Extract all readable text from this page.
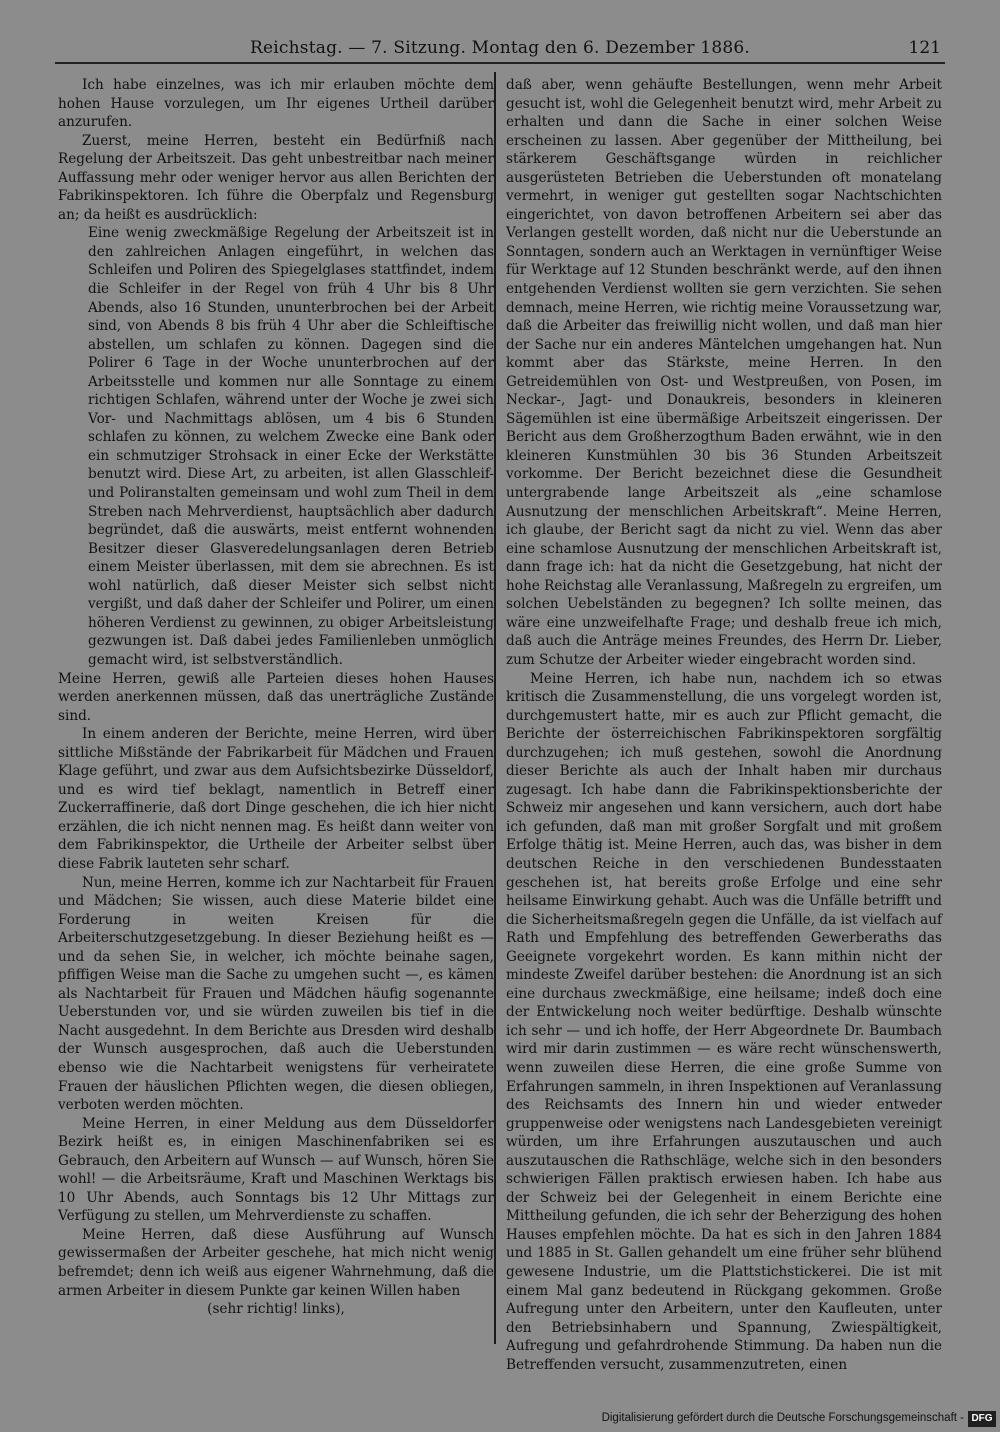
Reichstag. — 7. Sitzung. Montag den 6. Dezember 1886.	121

Ich habe einzelnes, was ich mir erlauben möchte dem hohen Hause vorzulegen, um Ihr eigenes Urtheil darüber anzurufen.

Zuerst, meine Herren, besteht ein Bedürfniß nach Regelung der Arbeitszeit. Das geht unbestreitbar nach meiner Auffassung mehr oder weniger hervor aus allen Berichten der Fabrikinspektoren. Ich führe die Oberpfalz und Regensburg an; da heißt es ausdrücklich:

Eine wenig zweckmäßige Regelung der Arbeitszeit ist in den zahlreichen Anlagen eingeführt, in welchen das Schleifen und Poliren des Spiegelglases stattfindet, indem die Schleifer in der Regel von früh 4 Uhr bis 8 Uhr Abends, also 16 Stunden, ununterbrochen bei der Arbeit sind, von Abends 8 bis früh 4 Uhr aber die Schleiftische abstellen, um schlafen zu können. Dagegen sind die Polirer 6 Tage in der Woche ununterbrochen auf der Arbeitsstelle und kommen nur alle Sonntage zu einem richtigen Schlafen, während unter der Woche je zwei sich Vor- und Nachmittags ablösen, um 4 bis 6 Stunden schlafen zu können, zu welchem Zwecke eine Bank oder ein schmutziger Strohsack in einer Ecke der Werkstätte benutzt wird. Diese Art, zu arbeiten, ist allen Glasschleif- und Poliranstalten gemeinsam und wohl zum Theil in dem Streben nach Mehrverdienst, hauptsächlich aber dadurch begründet, daß die auswärts, meist entfernt wohnenden Besitzer dieser Glasveredelungsanlagen deren Betrieb einem Meister überlassen, mit dem sie abrechnen. Es ist wohl natürlich, daß dieser Meister sich selbst nicht vergißt, und daß daher der Schleifer und Polirer, um einen höheren Verdienst zu gewinnen, zu obiger Arbeitsleistung gezwungen ist. Daß dabei jedes Familienleben unmöglich gemacht wird, ist selbstverständlich.

Meine Herren, gewiß alle Parteien dieses hohen Hauses werden anerkennen müssen, daß das unerträgliche Zustände sind.

In einem anderen der Berichte, meine Herren, wird über sittliche Mißstände der Fabrikarbeit für Mädchen und Frauen Klage geführt, und zwar aus dem Aufsichtsbezirke Düsseldorf, und es wird tief beklagt, namentlich in Betreff einer Zuckerraffinerie, daß dort Dinge geschehen, die ich hier nicht erzählen, die ich nicht nennen mag. Es heißt dann weiter von dem Fabrikinspektor, die Urtheile der Arbeiter selbst über diese Fabrik lauteten sehr scharf.

Nun, meine Herren, komme ich zur Nachtarbeit für Frauen und Mädchen; Sie wissen, auch diese Materie bildet eine Forderung in weiten Kreisen für die Arbeiterschutzgesetzgebung. In dieser Beziehung heißt es — und da sehen Sie, in welcher, ich möchte beinahe sagen, pfiffigen Weise man die Sache zu umgehen sucht —, es kämen als Nachtarbeit für Frauen und Mädchen häufig sogenannte Ueberstunden vor, und sie würden zuweilen bis tief in die Nacht ausgedehnt. In dem Berichte aus Dresden wird deshalb der Wunsch ausgesprochen, daß auch die Ueberstunden ebenso wie die Nachtarbeit wenigstens für verheiratete Frauen der häuslichen Pflichten wegen, die diesen obliegen, verboten werden möchten.

Meine Herren, in einer Meldung aus dem Düsseldorfer Bezirk heißt es, in einigen Maschinenfabriken sei es Gebrauch, den Arbeitern auf Wunsch — auf Wunsch, hören Sie wohl! — die Arbeitsräume, Kraft und Maschinen Werktags bis 10 Uhr Abends, auch Sonntags bis 12 Uhr Mittags zur Verfügung zu stellen, um Mehrverdienste zu schaffen.

Meine Herren, daß diese Ausführung auf Wunsch gewissermaßen der Arbeiter geschehe, hat mich nicht wenig befremdet; denn ich weiß aus eigener Wahrnehmung, daß die armen Arbeiter in diesem Punkte gar keinen Willen haben

(sehr richtig! links),

daß aber, wenn gehäufte Bestellungen, wenn mehr Arbeit gesucht ist, wohl die Gelegenheit benutzt wird, mehr Arbeit zu erhalten und dann die Sache in einer solchen Weise erscheinen zu lassen. Aber gegenüber der Mittheilung, bei stärkerem Geschäftsgange würden in reichlicher ausgerüsteten Betrieben die Ueberstunden oft monatelang vermehrt, in weniger gut gestellten sogar Nachtschichten eingerichtet, von davon betroffenen Arbeitern sei aber das Verlangen gestellt worden, daß nicht nur die Ueberstunde an Sonntagen, sondern auch an Werktagen in vernünftiger Weise für Werktage auf 12 Stunden beschränkt werde, auf den ihnen entgehenden Verdienst wollten sie gern verzichten. Sie sehen demnach, meine Herren, wie richtig meine Voraussetzung war, daß die Arbeiter das freiwillig nicht wollen, und daß man hier der Sache nur ein anderes Mäntelchen umgehangen hat. Nun kommt aber das Stärkste, meine Herren. In den Getreidemühlen von Ost- und Westpreußen, von Posen, im Neckar-, Jagt- und Donaukreis, besonders in kleineren Sägemühlen ist eine übermäßige Arbeitszeit eingerissen. Der Bericht aus dem Großherzogthum Baden erwähnt, wie in den kleineren Kunstmühlen 30 bis 36 Stunden Arbeitszeit vorkomme. Der Bericht bezeichnet diese die Gesundheit untergrabende lange Arbeitszeit als „eine schamlose Ausnutzung der menschlichen Arbeitskraft“. Meine Herren, ich glaube, der Bericht sagt da nicht zu viel. Wenn das aber eine schamlose Ausnutzung der menschlichen Arbeitskraft ist, dann frage ich: hat da nicht die Gesetzgebung, hat nicht der hohe Reichstag alle Veranlassung, Maßregeln zu ergreifen, um solchen Uebelständen zu begegnen? Ich sollte meinen, das wäre eine unzweifelhafte Frage; und deshalb freue ich mich, daß auch die Anträge meines Freundes, des Herrn Dr. Lieber, zum Schutze der Arbeiter wieder eingebracht worden sind.

Meine Herren, ich habe nun, nachdem ich so etwas kritisch die Zusammenstellung, die uns vorgelegt worden ist, durchgemustert hatte, mir es auch zur Pflicht gemacht, die Berichte der österreichischen Fabrikinspektoren sorgfältig durchzugehen; ich muß gestehen, sowohl die Anordnung dieser Berichte als auch der Inhalt haben mir durchaus zugesagt. Ich habe dann die Fabrikinspektionsberichte der Schweiz mir angesehen und kann versichern, auch dort habe ich gefunden, daß man mit großer Sorgfalt und mit großem Erfolge thätig ist. Meine Herren, auch das, was bisher in dem deutschen Reiche in den verschiedenen Bundesstaaten geschehen ist, hat bereits große Erfolge und eine sehr heilsame Einwirkung gehabt. Auch was die Unfälle betrifft und die Sicherheitsmaßregeln gegen die Unfälle, da ist vielfach auf Rath und Empfehlung des betreffenden Gewerberaths das Geeignete vorgekehrt worden. Es kann mithin nicht der mindeste Zweifel darüber bestehen: die Anordnung ist an sich eine durchaus zweckmäßige, eine heilsame; indeß doch eine der Entwickelung noch weiter bedürftige. Deshalb wünschte ich sehr — und ich hoffe, der Herr Abgeordnete Dr. Baumbach wird mir darin zustimmen — es wäre recht wünschenswerth, wenn zuweilen diese Herren, die eine große Summe von Erfahrungen sammeln, in ihren Inspektionen auf Veranlassung des Reichsamts des Innern hin und wieder entweder gruppenweise oder wenigstens nach Landesgebieten vereinigt würden, um ihre Erfahrungen auszutauschen und auch auszutauschen die Rathschläge, welche sich in den besonders schwierigen Fällen praktisch erwiesen haben. Ich habe aus der Schweiz bei der Gelegenheit in einem Berichte eine Mittheilung gefunden, die ich sehr der Beherzigung des hohen Hauses empfehlen möchte. Da hat es sich in den Jahren 1884 und 1885 in St. Gallen gehandelt um eine früher sehr blühend gewesene Industrie, um die Plattstichstickerei. Die ist mit einem Mal ganz bedeutend in Rückgang gekommen. Große Aufregung unter den Arbeitern, unter den Kaufleuten, unter den Betriebsinhabern und Spannung, Zwiespältigkeit, Aufregung und gefahrdrohende Stimmung. Da haben nun die Betreffenden versucht, zusammenzutreten, einen

Digitalisierung gefördert durch die Deutsche Forschungsgemeinschaft - DFG
